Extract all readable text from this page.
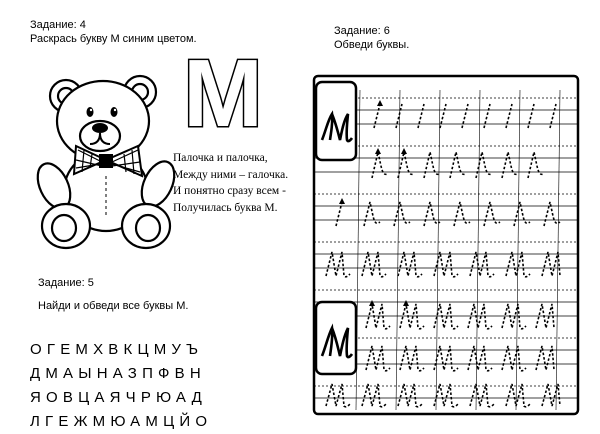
Задание: 4
Раскрась букву М синим цветом.
M
Палочка и палочка,
Между ними – галочка.
И понятно сразу всем -
Получилась буква М.
Задание: 5
Найди и обведи все буквы М.
ОГЕМХВКЦМУЪ
ДМАЫНАЗПФВН
ЯОВЦАЯЧРЮАД
ЛГЕЖМЮАМЦЙО
Задание: 6
Обведи буквы.
